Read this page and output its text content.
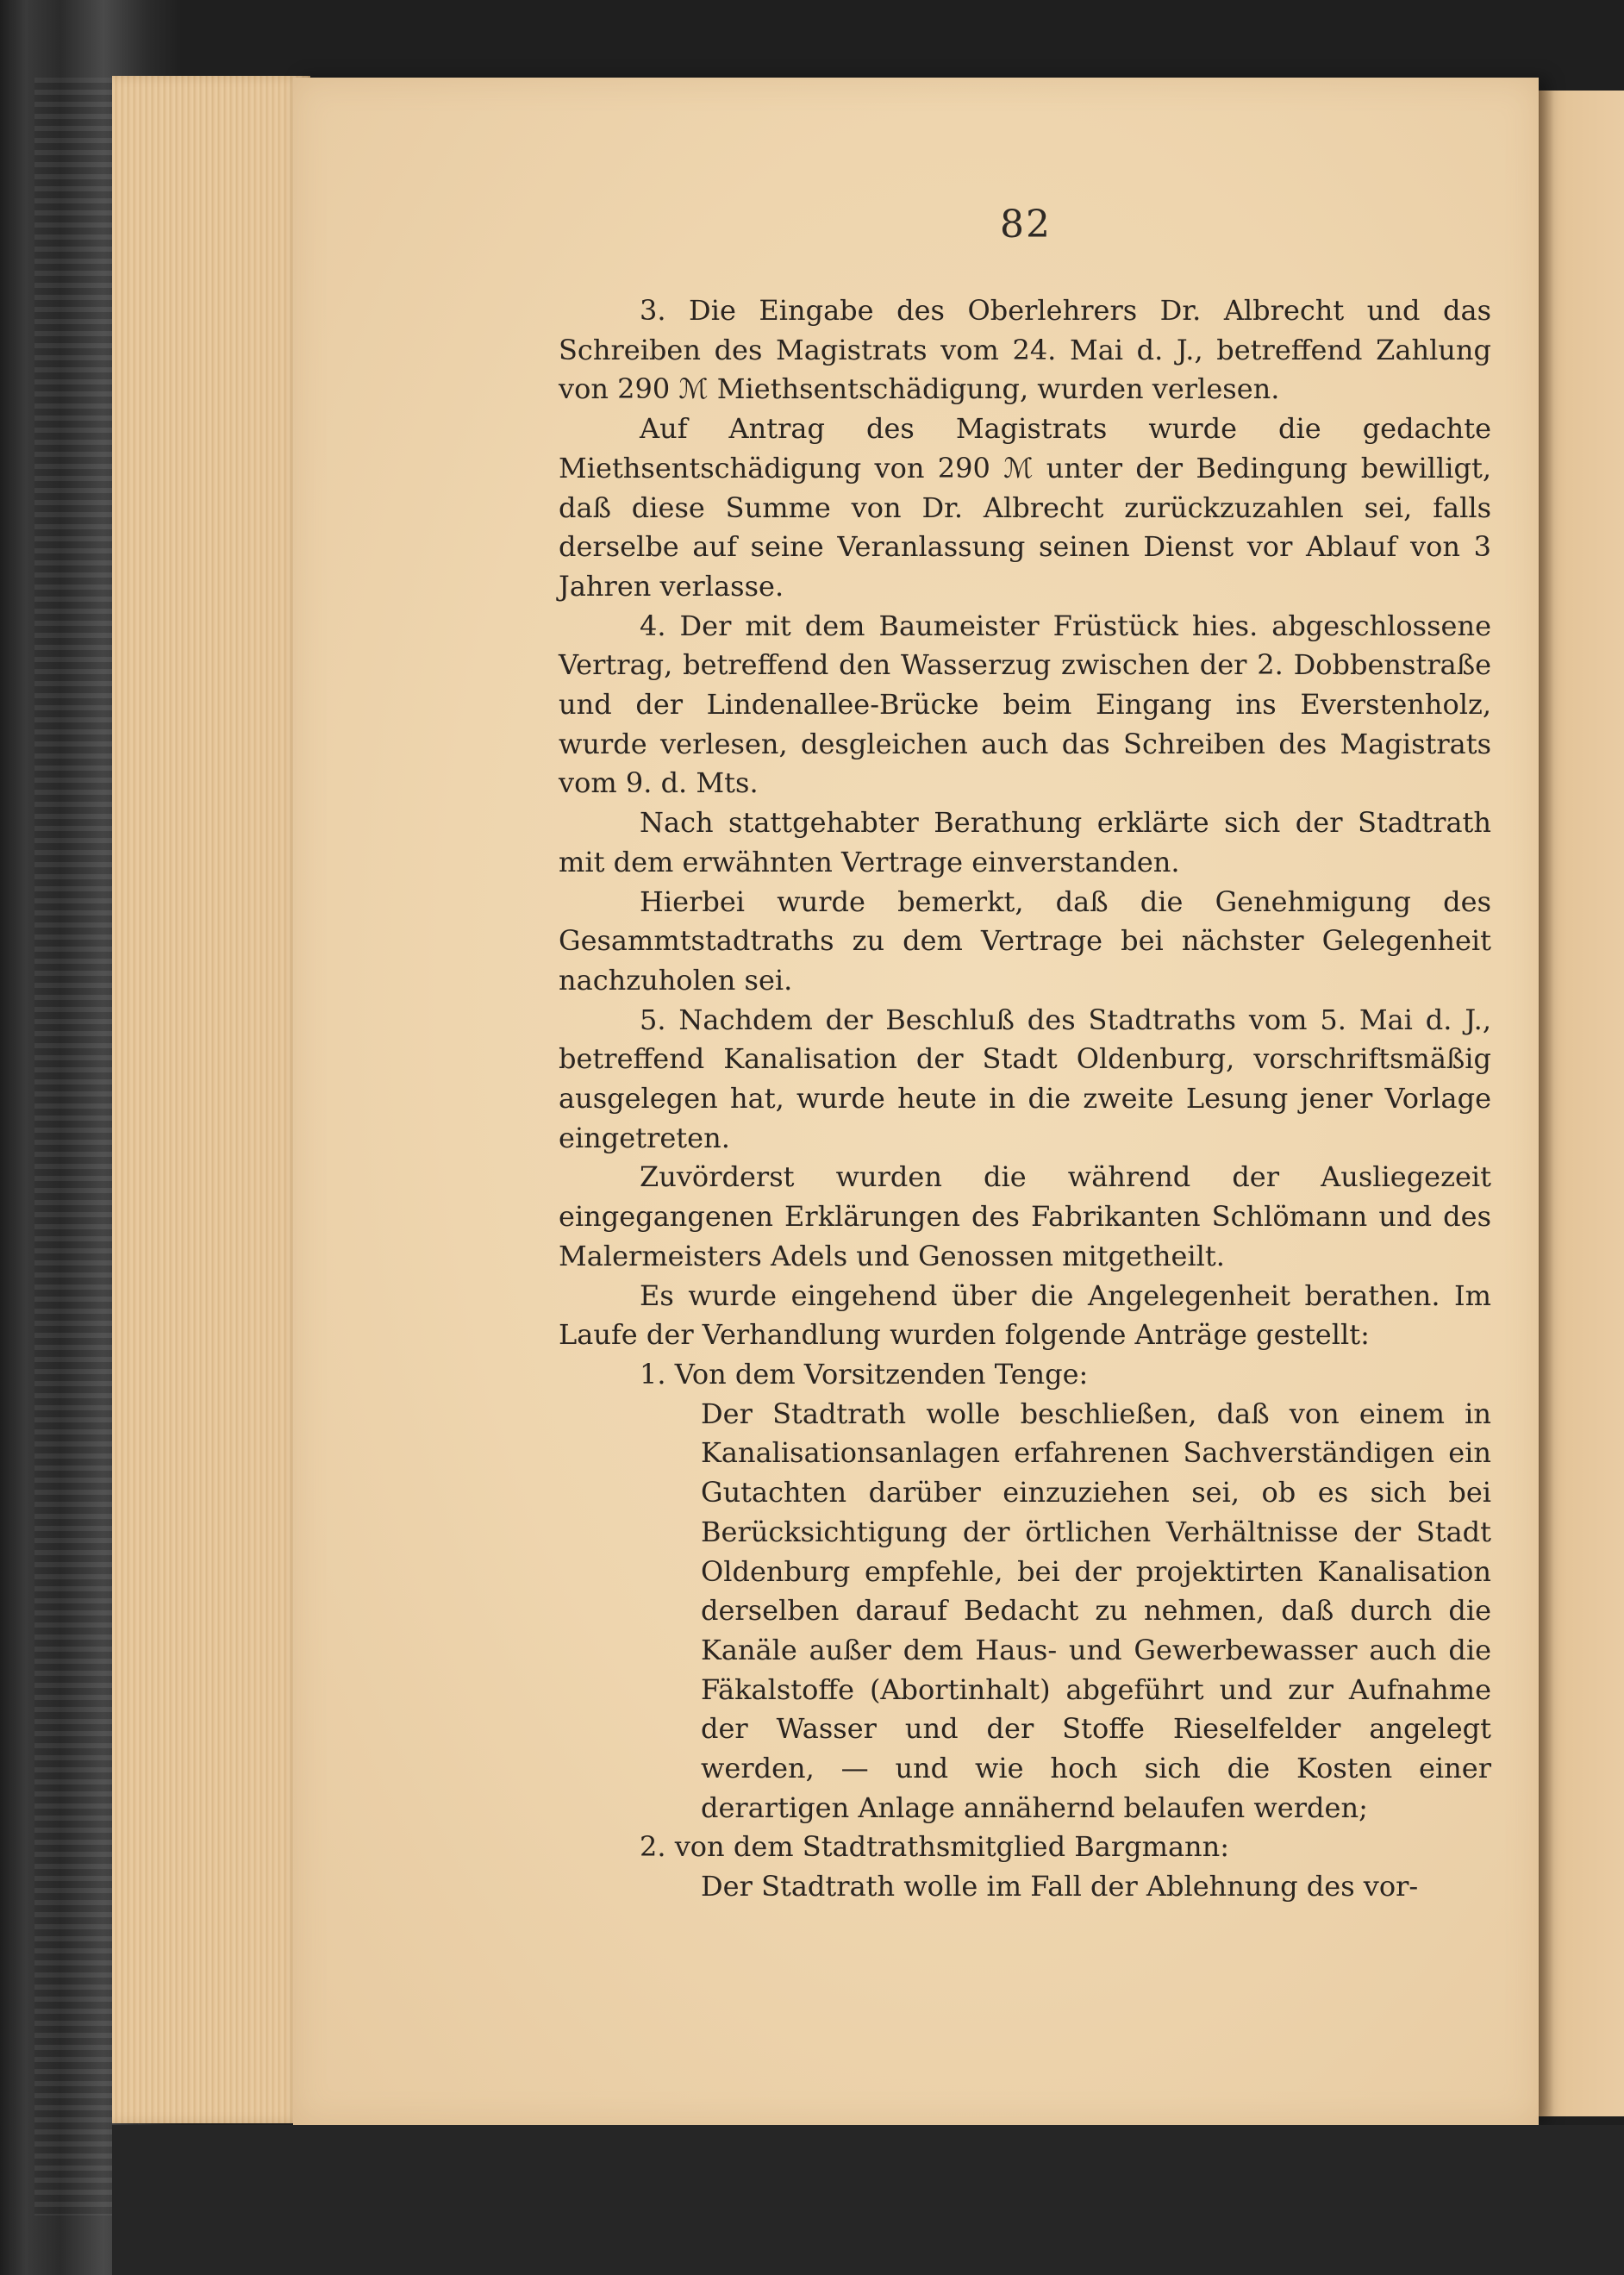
82

3. Die Eingabe des Oberlehrers Dr. Albrecht und das Schreiben des Magistrats vom 24. Mai d. J., betreffend Zahlung von 290 ℳ Miethsentschädigung, wurden verlesen.

Auf Antrag des Magistrats wurde die gedachte Miethsentschädigung von 290 ℳ unter der Bedingung bewilligt, daß diese Summe von Dr. Albrecht zurückzuzahlen sei, falls derselbe auf seine Veranlassung seinen Dienst vor Ablauf von 3 Jahren verlasse.

4. Der mit dem Baumeister Früstück hies. abgeschlossene Vertrag, betreffend den Wasserzug zwischen der 2. Dobbenstraße und der Lindenallee-Brücke beim Eingang ins Everstenholz, wurde verlesen, desgleichen auch das Schreiben des Magistrats vom 9. d. Mts.

Nach stattgehabter Berathung erklärte sich der Stadtrath mit dem erwähnten Vertrage einverstanden.

Hierbei wurde bemerkt, daß die Genehmigung des Gesammtstadtraths zu dem Vertrage bei nächster Gelegenheit nachzuholen sei.

5. Nachdem der Beschluß des Stadtraths vom 5. Mai d. J., betreffend Kanalisation der Stadt Oldenburg, vorschriftsmäßig ausgelegen hat, wurde heute in die zweite Lesung jener Vorlage eingetreten.

Zuvörderst wurden die während der Ausliegezeit eingegangenen Erklärungen des Fabrikanten Schlömann und des Malermeisters Adels und Genossen mitgetheilt.

Es wurde eingehend über die Angelegenheit berathen. Im Laufe der Verhandlung wurden folgende Anträge gestellt:

1. Von dem Vorsitzenden Tenge:

Der Stadtrath wolle beschließen, daß von einem in Kanalisationsanlagen erfahrenen Sachverständigen ein Gutachten darüber einzuziehen sei, ob es sich bei Berücksichtigung der örtlichen Verhältnisse der Stadt Oldenburg empfehle, bei der projektirten Kanalisation derselben darauf Bedacht zu nehmen, daß durch die Kanäle außer dem Haus- und Gewerbewasser auch die Fäkalstoffe (Abortinhalt) abgeführt und zur Aufnahme der Wasser und der Stoffe Rieselfelder angelegt werden, — und wie hoch sich die Kosten einer derartigen Anlage annähernd belaufen werden;

2. von dem Stadtrathsmitglied Bargmann:

Der Stadtrath wolle im Fall der Ablehnung des vor-
